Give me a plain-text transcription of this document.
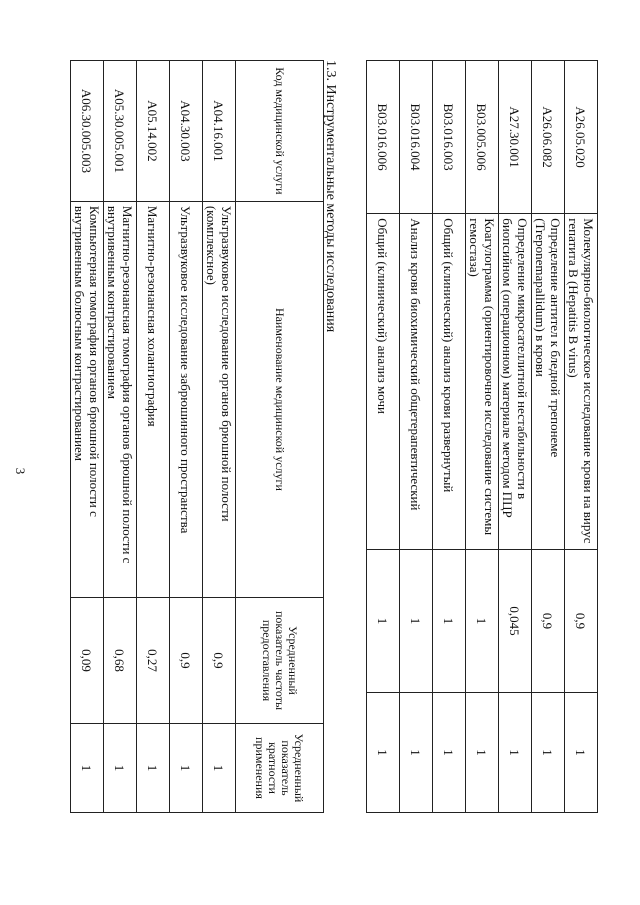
3
A26.05.020	Молекулярно-биологическое исследование крови на вирус гепатита B (Hepatitis B virus)	0,9	1
A26.06.082	Определение антител к бледной трепонеме (Treponemapallidum) в крови	0,9	1
A27.30.001	Определение микросателлитной нестабильности в биопсийном (операционном) материале методом ПЦР	0,045	1
B03.005.006	Коагулограмма (ориентировочное исследование системы гемостаза)	1	1
B03.016.003	Общий (клинический) анализ крови развернутый	1	1
B03.016.004	Анализ крови биохимический общетерапевтический	1	1
B03.016.006	Общий (клинический) анализ мочи	1	1
1.3. Инструментальные методы исследования
Код медицинской услуги	Наименование медицинской услуги	Усредненный показатель частоты предоставления	Усредненный показатель кратности применения
A04.16.001	Ультразвуковое исследование органов брюшной полости (комплексное)	0,9	1
A04.30.003	Ультразвуковое исследование забрюшинного пространства	0,9	1
A05.14.002	Магнитно-резонансная холангиография	0,27	1
A05.30.005.001	Магнитно-резонансная томография органов брюшной полости с внутривенным контрастированием	0,68	1
A06.30.005.003	Компьютерная томография органов брюшной полости с внутривенным болюсным контрастированием	0,09	1
